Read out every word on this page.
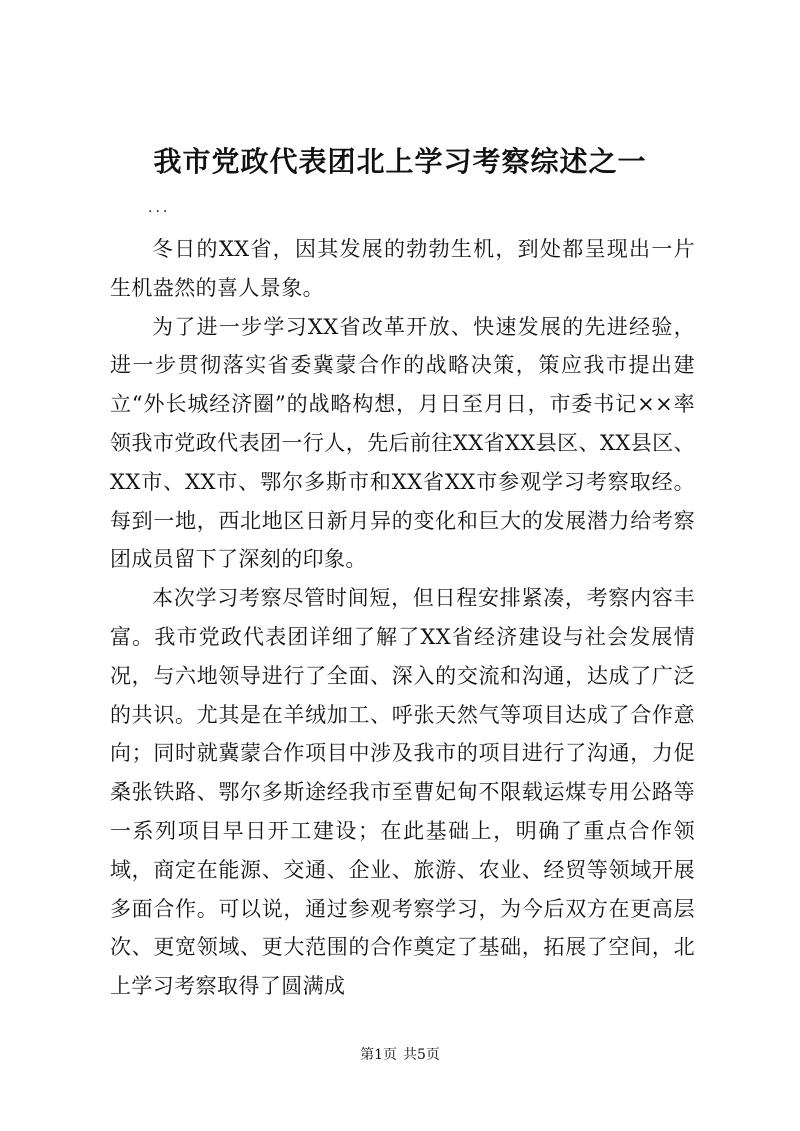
我市党政代表团北上学习考察综述之一
...

冬日的XX省，因其发展的勃勃生机，到处都呈现出一片生机盎然的喜人景象。

为了进一步学习XX省改革开放、快速发展的先进经验，进一步贯彻落实省委冀蒙合作的战略决策，策应我市提出建立“外长城经济圈”的战略构想，月日至月日，市委书记××率领我市党政代表团一行人，先后前往XX省XX县区、XX县区、XX市、XX市、鄂尔多斯市和XX省XX市参观学习考察取经。每到一地，西北地区日新月异的变化和巨大的发展潜力给考察团成员留下了深刻的印象。

本次学习考察尽管时间短，但日程安排紧凑，考察内容丰富。我市党政代表团详细了解了XX省经济建设与社会发展情况，与六地领导进行了全面、深入的交流和沟通，达成了广泛的共识。尤其是在羊绒加工、呼张天然气等项目达成了合作意向；同时就冀蒙合作项目中涉及我市的项目进行了沟通，力促桑张铁路、鄂尔多斯途经我市至曹妃甸不限载运煤专用公路等一系列项目早日开工建设；在此基础上，明确了重点合作领域，商定在能源、交通、企业、旅游、农业、经贸等领域开展多面合作。可以说，通过参观考察学习，为今后双方在更高层次、更宽领域、更大范围的合作奠定了基础，拓展了空间，北上学习考察取得了圆满成

第1页 共5页
